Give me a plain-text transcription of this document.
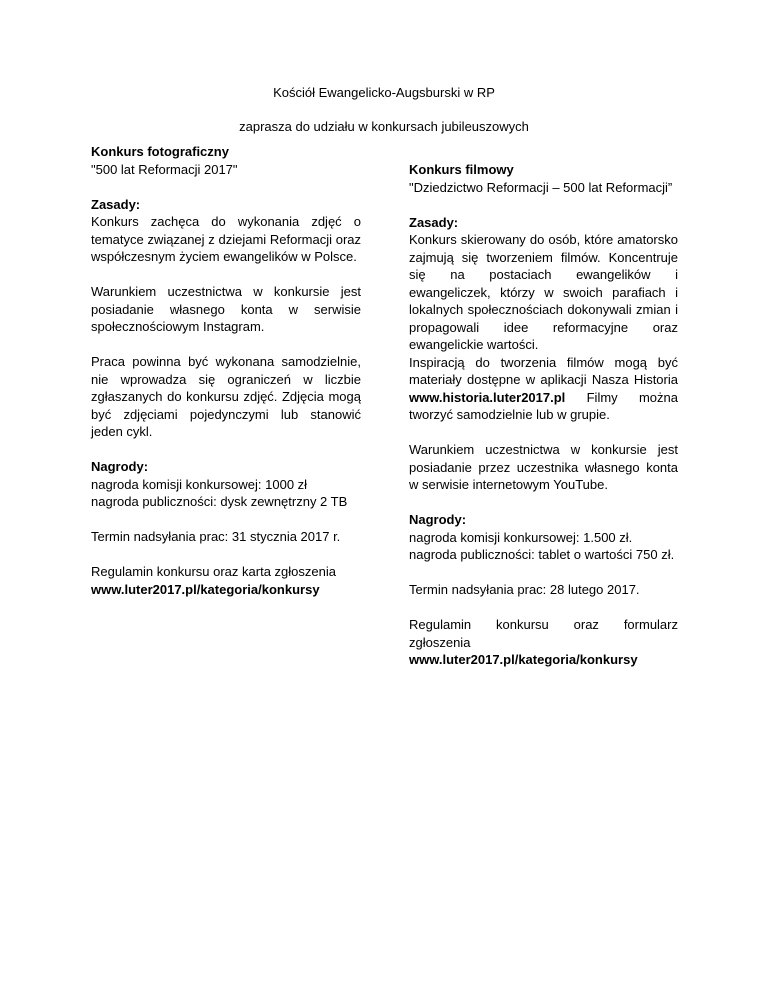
Kościół Ewangelicko-Augsburski w RP
zaprasza do udziału w konkursach jubileuszowych

Konkurs fotograficzny

"500 lat Reformacji 2017"

Zasady:

Konkurs zachęca do wykonania zdjęć o tematyce związanej z dziejami Reformacji oraz współczesnym życiem ewangelików w Polsce.

Warunkiem uczestnictwa w konkursie jest posiadanie własnego konta w serwisie społecznościowym Instagram.

Praca powinna być wykonana samodzielnie, nie wprowadza się ograniczeń w liczbie zgłaszanych do konkursu zdjęć. Zdjęcia mogą być zdjęciami pojedynczymi lub stanowić jeden cykl.

Nagrody:

nagroda komisji konkursowej: 1000 zł

nagroda publiczności: dysk zewnętrzny 2 TB

Termin nadsyłania prac: 31 stycznia 2017 r.

Regulamin konkursu oraz karta zgłoszenia

www.luter2017.pl/kategoria/konkursy

Konkurs filmowy

"Dziedzictwo Reformacji – 500 lat Reformacji”

Zasady:

Konkurs skierowany do osób, które amatorsko zajmują się tworzeniem filmów. Koncentruje się na postaciach ewangelików i ewangeliczek, którzy w swoich parafiach i lokalnych społecznościach dokonywali zmian i propagowali idee reformacyjne oraz ewangelickie wartości.

Inspiracją do tworzenia filmów mogą być materiały dostępne w aplikacji Nasza Historia www.historia.luter2017.pl Filmy można tworzyć samodzielnie lub w grupie.

Warunkiem uczestnictwa w konkursie jest posiadanie przez uczestnika własnego konta w serwisie internetowym YouTube.

Nagrody:

nagroda komisji konkursowej: 1.500 zł.

nagroda publiczności: tablet o wartości 750 zł.

Termin nadsyłania prac: 28 lutego 2017.

Regulamin konkursu oraz formularz zgłoszenia

www.luter2017.pl/kategoria/konkursy
